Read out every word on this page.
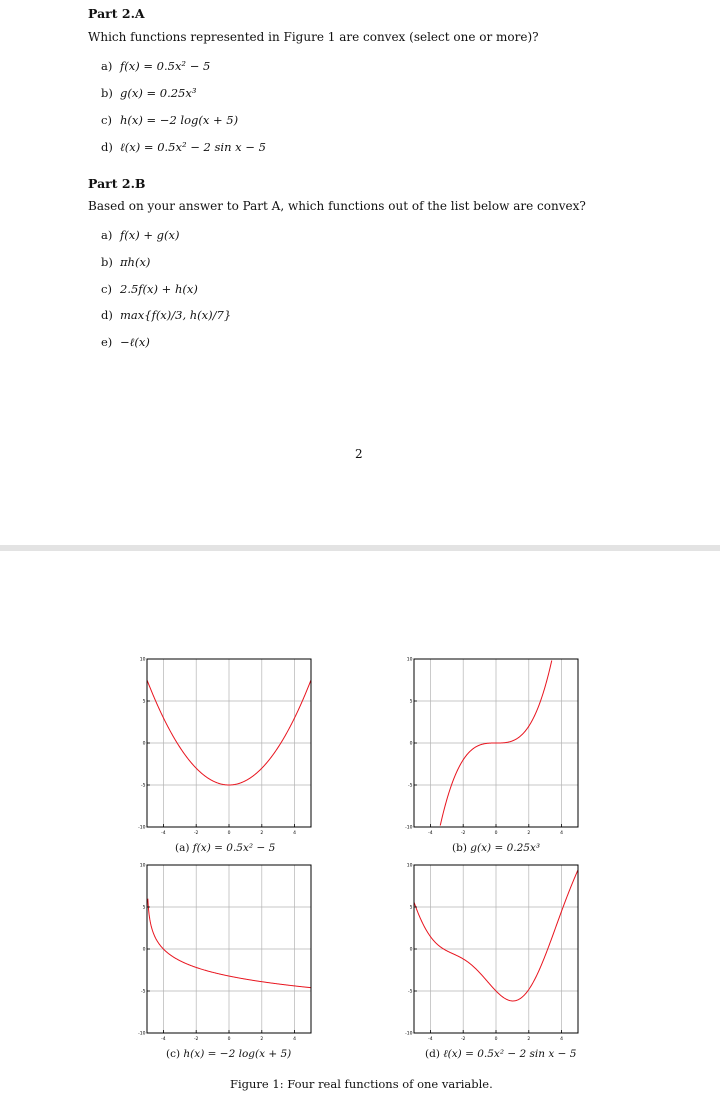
Part 2.A
Which functions represented in Figure 1 are convex (select one or more)?
a) f(x) = 0.5x² − 5
b) g(x) = 0.25x³
c) h(x) = −2 log(x + 5)
d) ℓ(x) = 0.5x² − 2 sin x − 5
Part 2.B
Based on your answer to Part A, which functions out of the list below are convex?
a) f(x) + g(x)
b) πh(x)
c) 2.5f(x) + h(x)
d) max{f(x)/3, h(x)/7}
e) −ℓ(x)
2
-4	-2	0	2	4
10
5
0
-5
-10
-4	-2	0	2	4
10
5
0
-5
-10
-4	-2	0	2	4
10
5
0
-5
-10
-4	-2	0	2	4
10
5
0
-5
-10
(a) f(x) = 0.5x² − 5	(b) g(x) = 0.25x³
(c) h(x) = −2 log(x + 5)	(d) ℓ(x) = 0.5x² − 2 sin x − 5
Figure 1: Four real functions of one variable.
